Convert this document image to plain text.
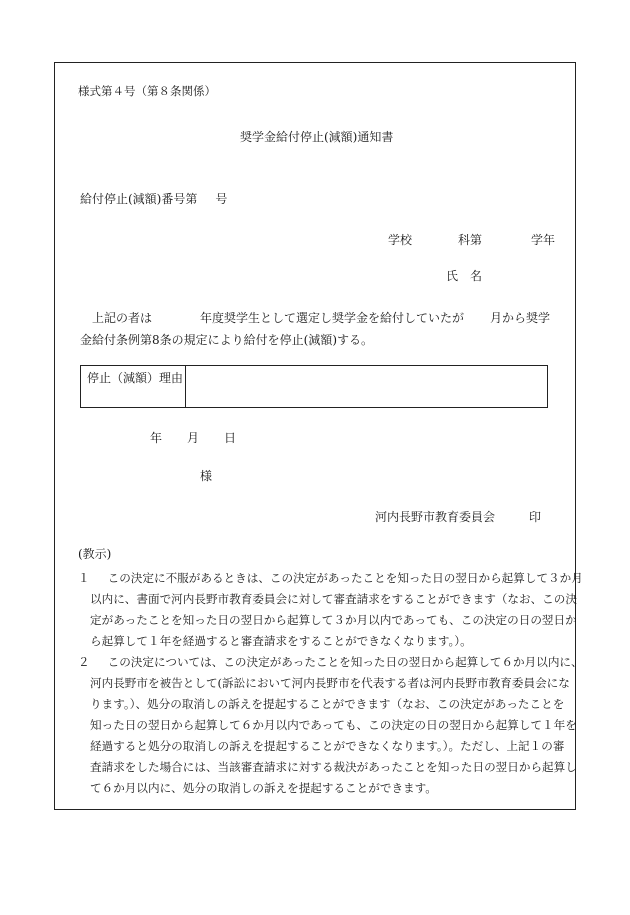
様式第４号（第８条関係）
奨学金給付停止(減額)通知書
給付停止(減額)番号第 号
学校	科第	学年
氏　名
上記の者は	年度奨学生として選定し奨学金を給付していたが 月から奨学
金給付条例第8条の規定により給付を停止(減額)する。
停止（減額）理由
年 月 日
様
河内長野市教育委員会	印
(教示)
１ この決定に不服があるときは、この決定があったことを知った日の翌日から起算して３か月
以内に、書面で河内長野市教育委員会に対して審査請求をすることができます（なお、この決
定があったことを知った日の翌日から起算して３か月以内であっても、この決定の日の翌日か
ら起算して１年を経過すると審査請求をすることができなくなります。）。
２ この決定については、この決定があったことを知った日の翌日から起算して６か月以内に、
河内長野市を被告として(訴訟において河内長野市を代表する者は河内長野市教育委員会にな
ります。）、処分の取消しの訴えを提起することができます（なお、この決定があったことを
知った日の翌日から起算して６か月以内であっても、この決定の日の翌日から起算して１年を
経過すると処分の取消しの訴えを提起することができなくなります。）。ただし、上記１の審
査請求をした場合には、当該審査請求に対する裁決があったことを知った日の翌日から起算し
て６か月以内に、処分の取消しの訴えを提起することができます。
